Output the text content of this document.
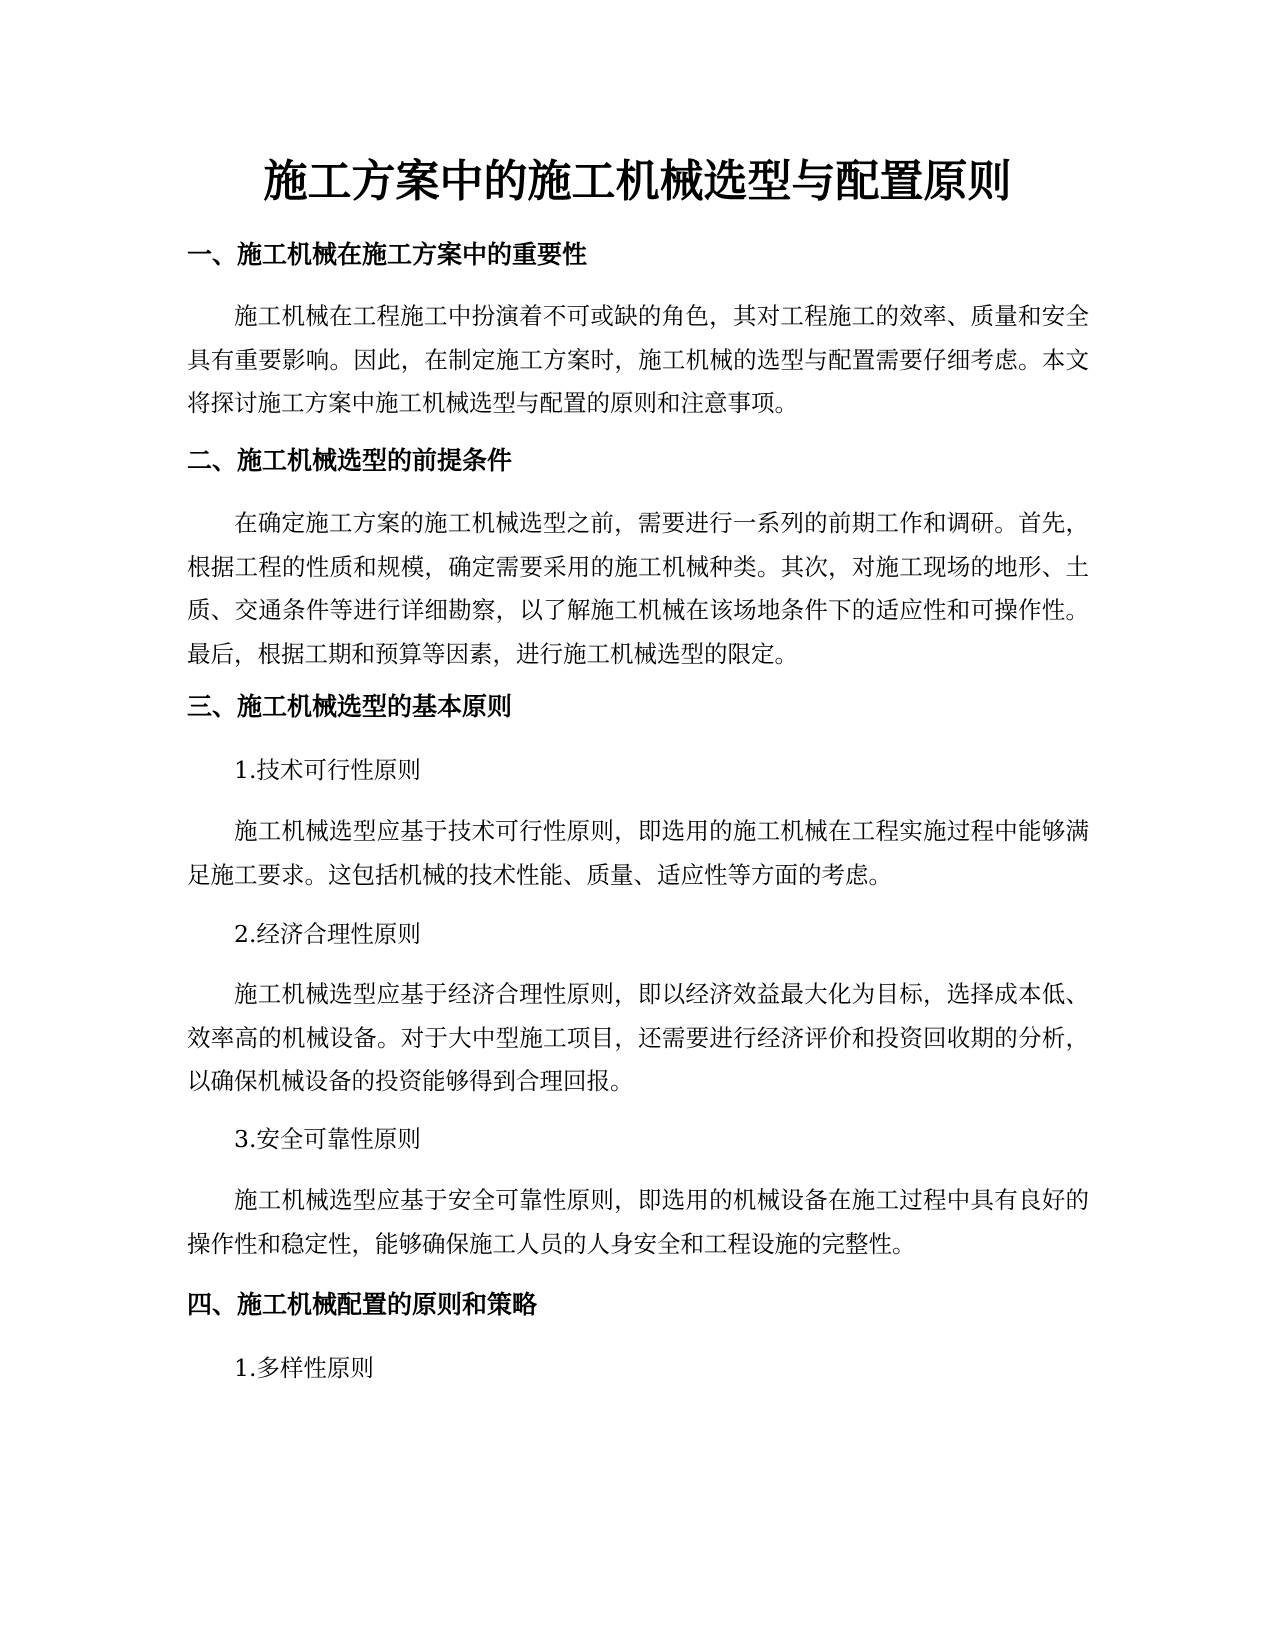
施工方案中的施工机械选型与配置原则
一、施工机械在施工方案中的重要性

施工机械在工程施工中扮演着不可或缺的角色，其对工程施工的效率、质量和安全具有重要影响。因此，在制定施工方案时，施工机械的选型与配置需要仔细考虑。本文将探讨施工方案中施工机械选型与配置的原则和注意事项。

二、施工机械选型的前提条件

在确定施工方案的施工机械选型之前，需要进行一系列的前期工作和调研。首先，根据工程的性质和规模，确定需要采用的施工机械种类。其次，对施工现场的地形、土质、交通条件等进行详细勘察，以了解施工机械在该场地条件下的适应性和可操作性。最后，根据工期和预算等因素，进行施工机械选型的限定。

三、施工机械选型的基本原则
1.技术可行性原则

施工机械选型应基于技术可行性原则，即选用的施工机械在工程实施过程中能够满足施工要求。这包括机械的技术性能、质量、适应性等方面的考虑。

2.经济合理性原则

施工机械选型应基于经济合理性原则，即以经济效益最大化为目标，选择成本低、效率高的机械设备。对于大中型施工项目，还需要进行经济评价和投资回收期的分析，以确保机械设备的投资能够得到合理回报。

3.安全可靠性原则

施工机械选型应基于安全可靠性原则，即选用的机械设备在施工过程中具有良好的操作性和稳定性，能够确保施工人员的人身安全和工程设施的完整性。

四、施工机械配置的原则和策略
1.多样性原则
